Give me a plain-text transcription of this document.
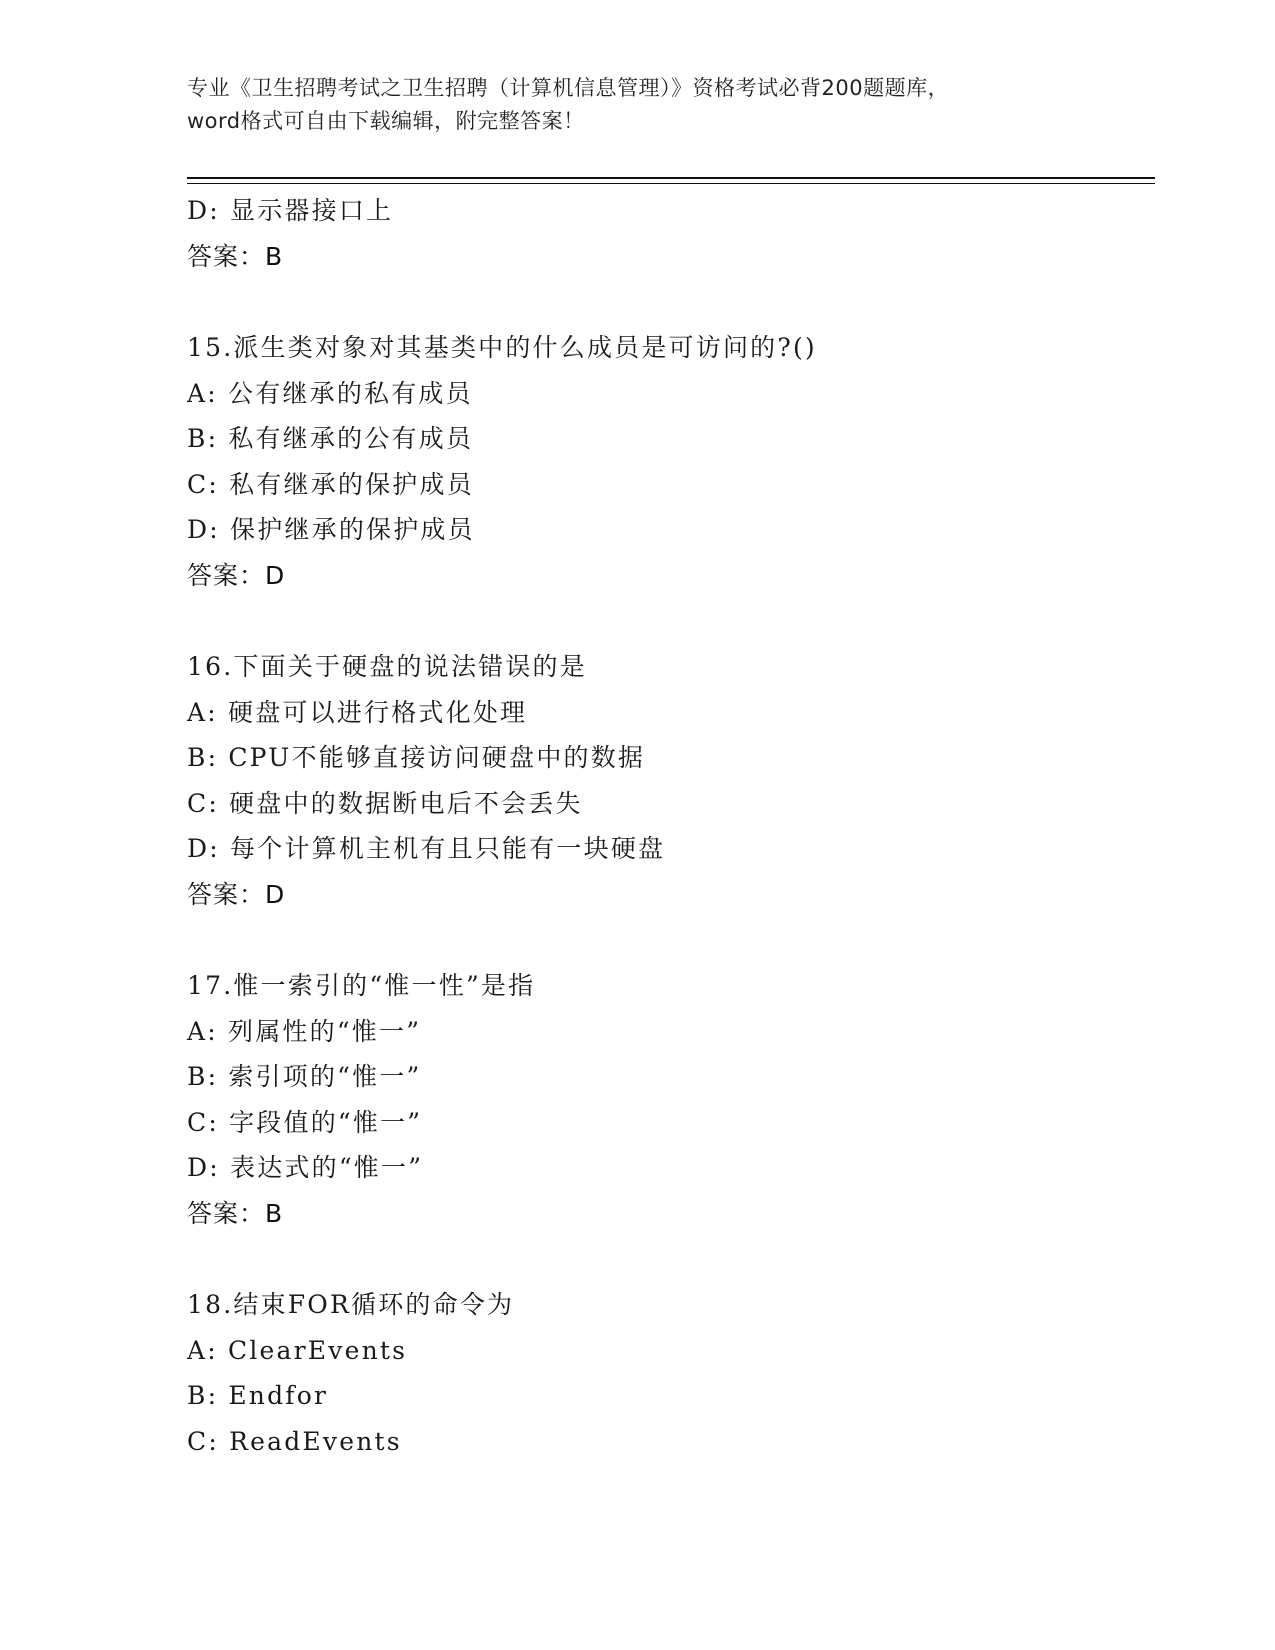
专业《卫生招聘考试之卫生招聘（计算机信息管理）》资格考试必背200题题库，
word格式可自由下载编辑，附完整答案！
D: 显示器接口上
答案：B
15.派生类对象对其基类中的什么成员是可访问的?()
A: 公有继承的私有成员
B: 私有继承的公有成员
C: 私有继承的保护成员
D: 保护继承的保护成员
答案：D
16.下面关于硬盘的说法错误的是
A: 硬盘可以进行格式化处理
B: CPU不能够直接访问硬盘中的数据
C: 硬盘中的数据断电后不会丢失
D: 每个计算机主机有且只能有一块硬盘
答案：D
17.惟一索引的“惟一性”是指
A: 列属性的“惟一”
B: 索引项的“惟一”
C: 字段值的“惟一”
D: 表达式的“惟一”
答案：B
18.结束FOR循环的命令为
A: ClearEvents
B: Endfor
C: ReadEvents
